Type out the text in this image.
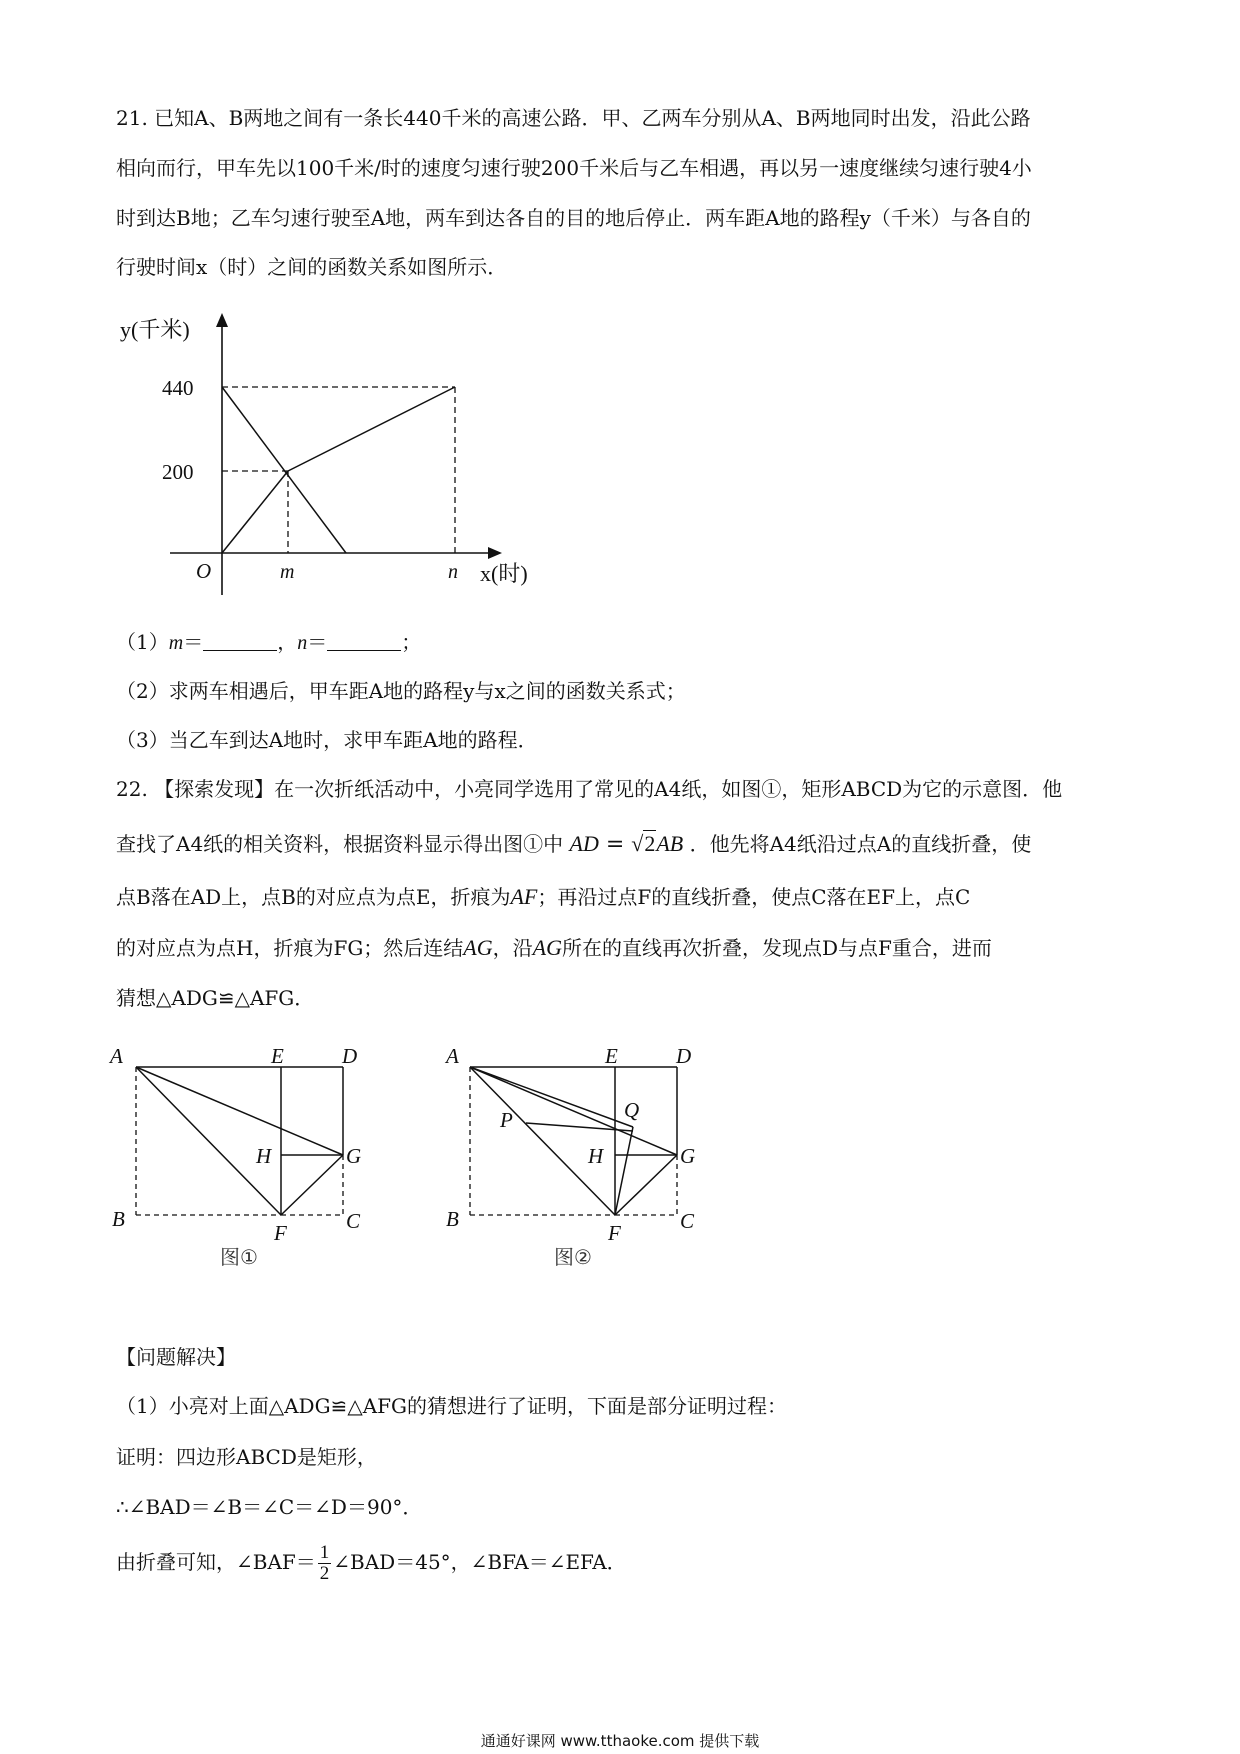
21. 已知A、B两地之间有一条长440千米的高速公路．甲、乙两车分别从A、B两地同时出发，沿此公路
相向而行，甲车先以100千米/时的速度匀速行驶200千米后与乙车相遇，再以另一速度继续匀速行驶4小
时到达B地；乙车匀速行驶至A地，两车到达各自的目的地后停止．两车距A地的路程y（千米）与各自的
行驶时间x（时）之间的函数关系如图所示．
y(千米)
x(时)
O
440
200
m	n
（1）m＝	，n＝	；
（2）求两车相遇后，甲车距A地的路程y与x之间的函数关系式；
（3）当乙车到达A地时，求甲车距A地的路程．
22. 【探索发现】在一次折纸活动中，小亮同学选用了常见的A4纸，如图①，矩形ABCD为它的示意图．他
查找了A4纸的相关资料，根据资料显示得出图①中 AD = √2AB ．他先将A4纸沿过点A的直线折叠，使
点B落在AD上，点B的对应点为点E，折痕为AF；再沿过点F的直线折叠，使点C落在EF上，点C
的对应点为点H，折痕为FG；然后连结AG，沿AG所在的直线再次折叠，发现点D与点F重合，进而
猜想△ADG≌△AFG．
A	E	D
H	G
B
F	C
图①
A	E	D
P	Q
H	G
B
F	C
图②
【问题解决】
（1）小亮对上面△ADG≌△AFG的猜想进行了证明，下面是部分证明过程：
证明：四边形ABCD是矩形，
∴∠BAD＝∠B＝∠C＝∠D＝90°．
由折叠可知，∠BAF＝ $\frac{1}{2}$ ∠BAD＝45°，∠BFA＝∠EFA．
通通好课网 www.tthaoke.com 提供下载
